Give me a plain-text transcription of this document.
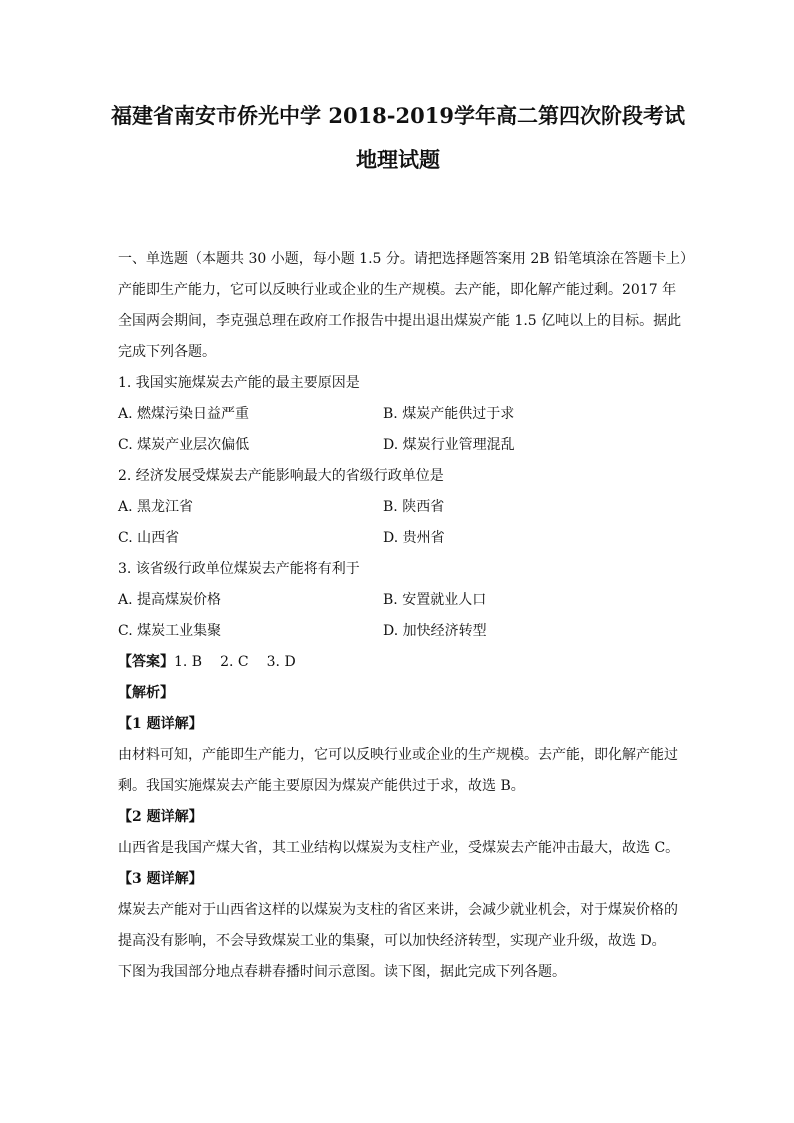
福建省南安市侨光中学 2018-2019学年高二第四次阶段考试
地理试题
一、单选题（本题共 30 小题，每小题 1.5 分。请把选择题答案用 2B 铅笔填涂在答题卡上）
产能即生产能力，它可以反映行业或企业的生产规模。去产能，即化解产能过剩。2017 年
全国两会期间，李克强总理在政府工作报告中提出退出煤炭产能 1.5 亿吨以上的目标。据此
完成下列各题。
1. 我国实施煤炭去产能的最主要原因是
A. 燃煤污染日益严重	B. 煤炭产能供过于求
C. 煤炭产业层次偏低	D. 煤炭行业管理混乱
2. 经济发展受煤炭去产能影响最大的省级行政单位是
A. 黑龙江省	B. 陕西省
C. 山西省	D. 贵州省
3. 该省级行政单位煤炭去产能将有利于
A. 提高煤炭价格	B. 安置就业人口
C. 煤炭工业集聚	D. 加快经济转型
【答案】1. B 2. C 3. D
【解析】
【1 题详解】
由材料可知，产能即生产能力，它可以反映行业或企业的生产规模。去产能，即化解产能过
剩。我国实施煤炭去产能主要原因为煤炭产能供过于求，故选 B。
【2 题详解】
山西省是我国产煤大省，其工业结构以煤炭为支柱产业，受煤炭去产能冲击最大，故选 C。
【3 题详解】
煤炭去产能对于山西省这样的以煤炭为支柱的省区来讲，会减少就业机会，对于煤炭价格的
提高没有影响，不会导致煤炭工业的集聚，可以加快经济转型，实现产业升级，故选 D。
下图为我国部分地点春耕春播时间示意图。读下图，据此完成下列各题。
